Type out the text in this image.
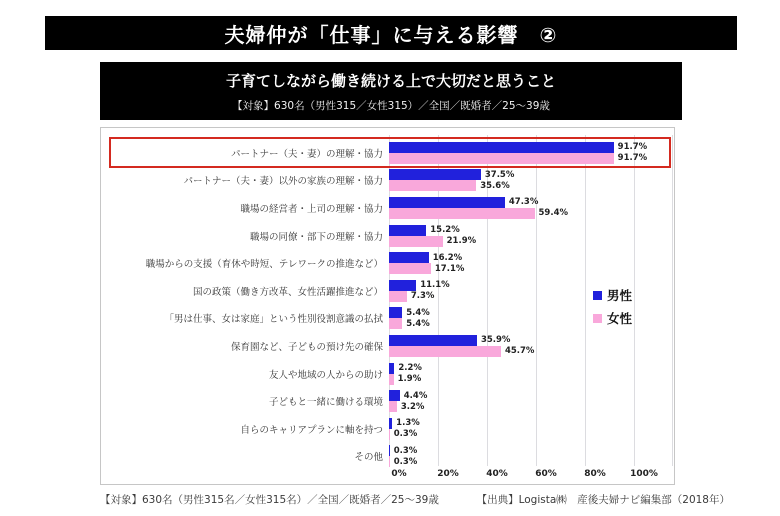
夫婦仲が「仕事」に与える影響　②
子育てしながら働き続ける上で大切だと思うこと
【対象】630名（男性315／女性315）／全国／既婚者／25〜39歳
パートナー（夫・妻）の理解・協力
91.7%
91.7%
パートナー（夫・妻）以外の家族の理解・協力
37.5%
35.6%
職場の経営者・上司の理解・協力
47.3%
59.4%
職場の同僚・部下の理解・協力
15.2%
21.9%
職場からの支援（育休や時短、テレワークの推進など）
16.2%
17.1%
国の政策（働き方改革、女性活躍推進など）
11.1%
7.3%
「男は仕事、女は家庭」という性別役割意識の払拭
5.4%
5.4%
保育園など、子どもの預け先の確保
35.9%
45.7%
友人や地域の人からの助け
2.2%
1.9%
子どもと一緒に働ける環境
4.4%
3.2%
自らのキャリアプランに軸を持つ
1.3%
0.3%
その他
0.3%
0.3%
0%	20%	40%	60%	80%	100%
男性
女性
【対象】630名（男性315名／女性315名）／全国／既婚者／25〜39歳	【出典】Logista㈱　産後夫婦ナビ編集部（2018年）
